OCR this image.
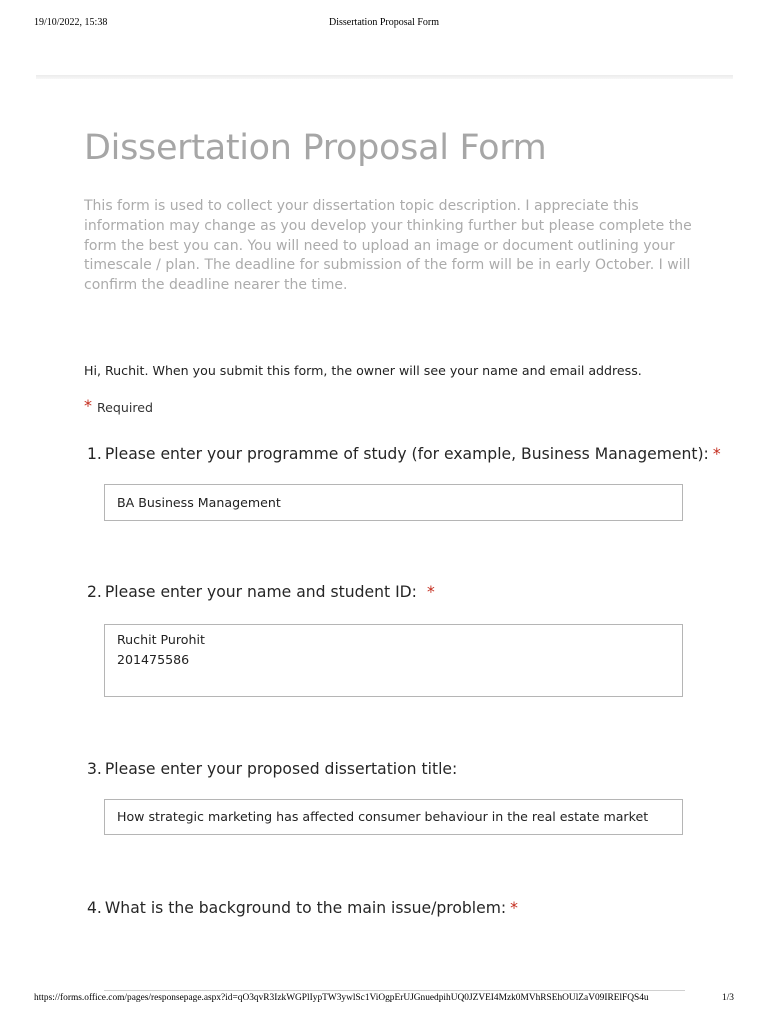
19/10/2022, 15:38	Dissertation Proposal Form
Dissertation Proposal Form

This form is used to collect your dissertation topic description. I appreciate this information may change as you develop your thinking further but please complete the form the best you can. You will need to upload an image or document outlining your timescale / plan. The deadline for submission of the form will be in early October. I will confirm the deadline nearer the time.

Hi, Ruchit. When you submit this form, the owner will see your name and email address.

* Required

1. Please enter your programme of study (for example, Business Management): *

BA Business Management

2. Please enter your name and student ID: *

Ruchit Purohit
201475586

3. Please enter your proposed dissertation title:

How strategic marketing has affected consumer behaviour in the real estate market

4. What is the background to the main issue/problem: *

https://forms.office.com/pages/responsepage.aspx?id=qO3qvR3IzkWGPlIypTW3ywlSc1ViOgpErUJGnuedpihUQ0JZVEI4Mzk0MVhRSEhOUlZaV09IRElFQS4u	1/3
